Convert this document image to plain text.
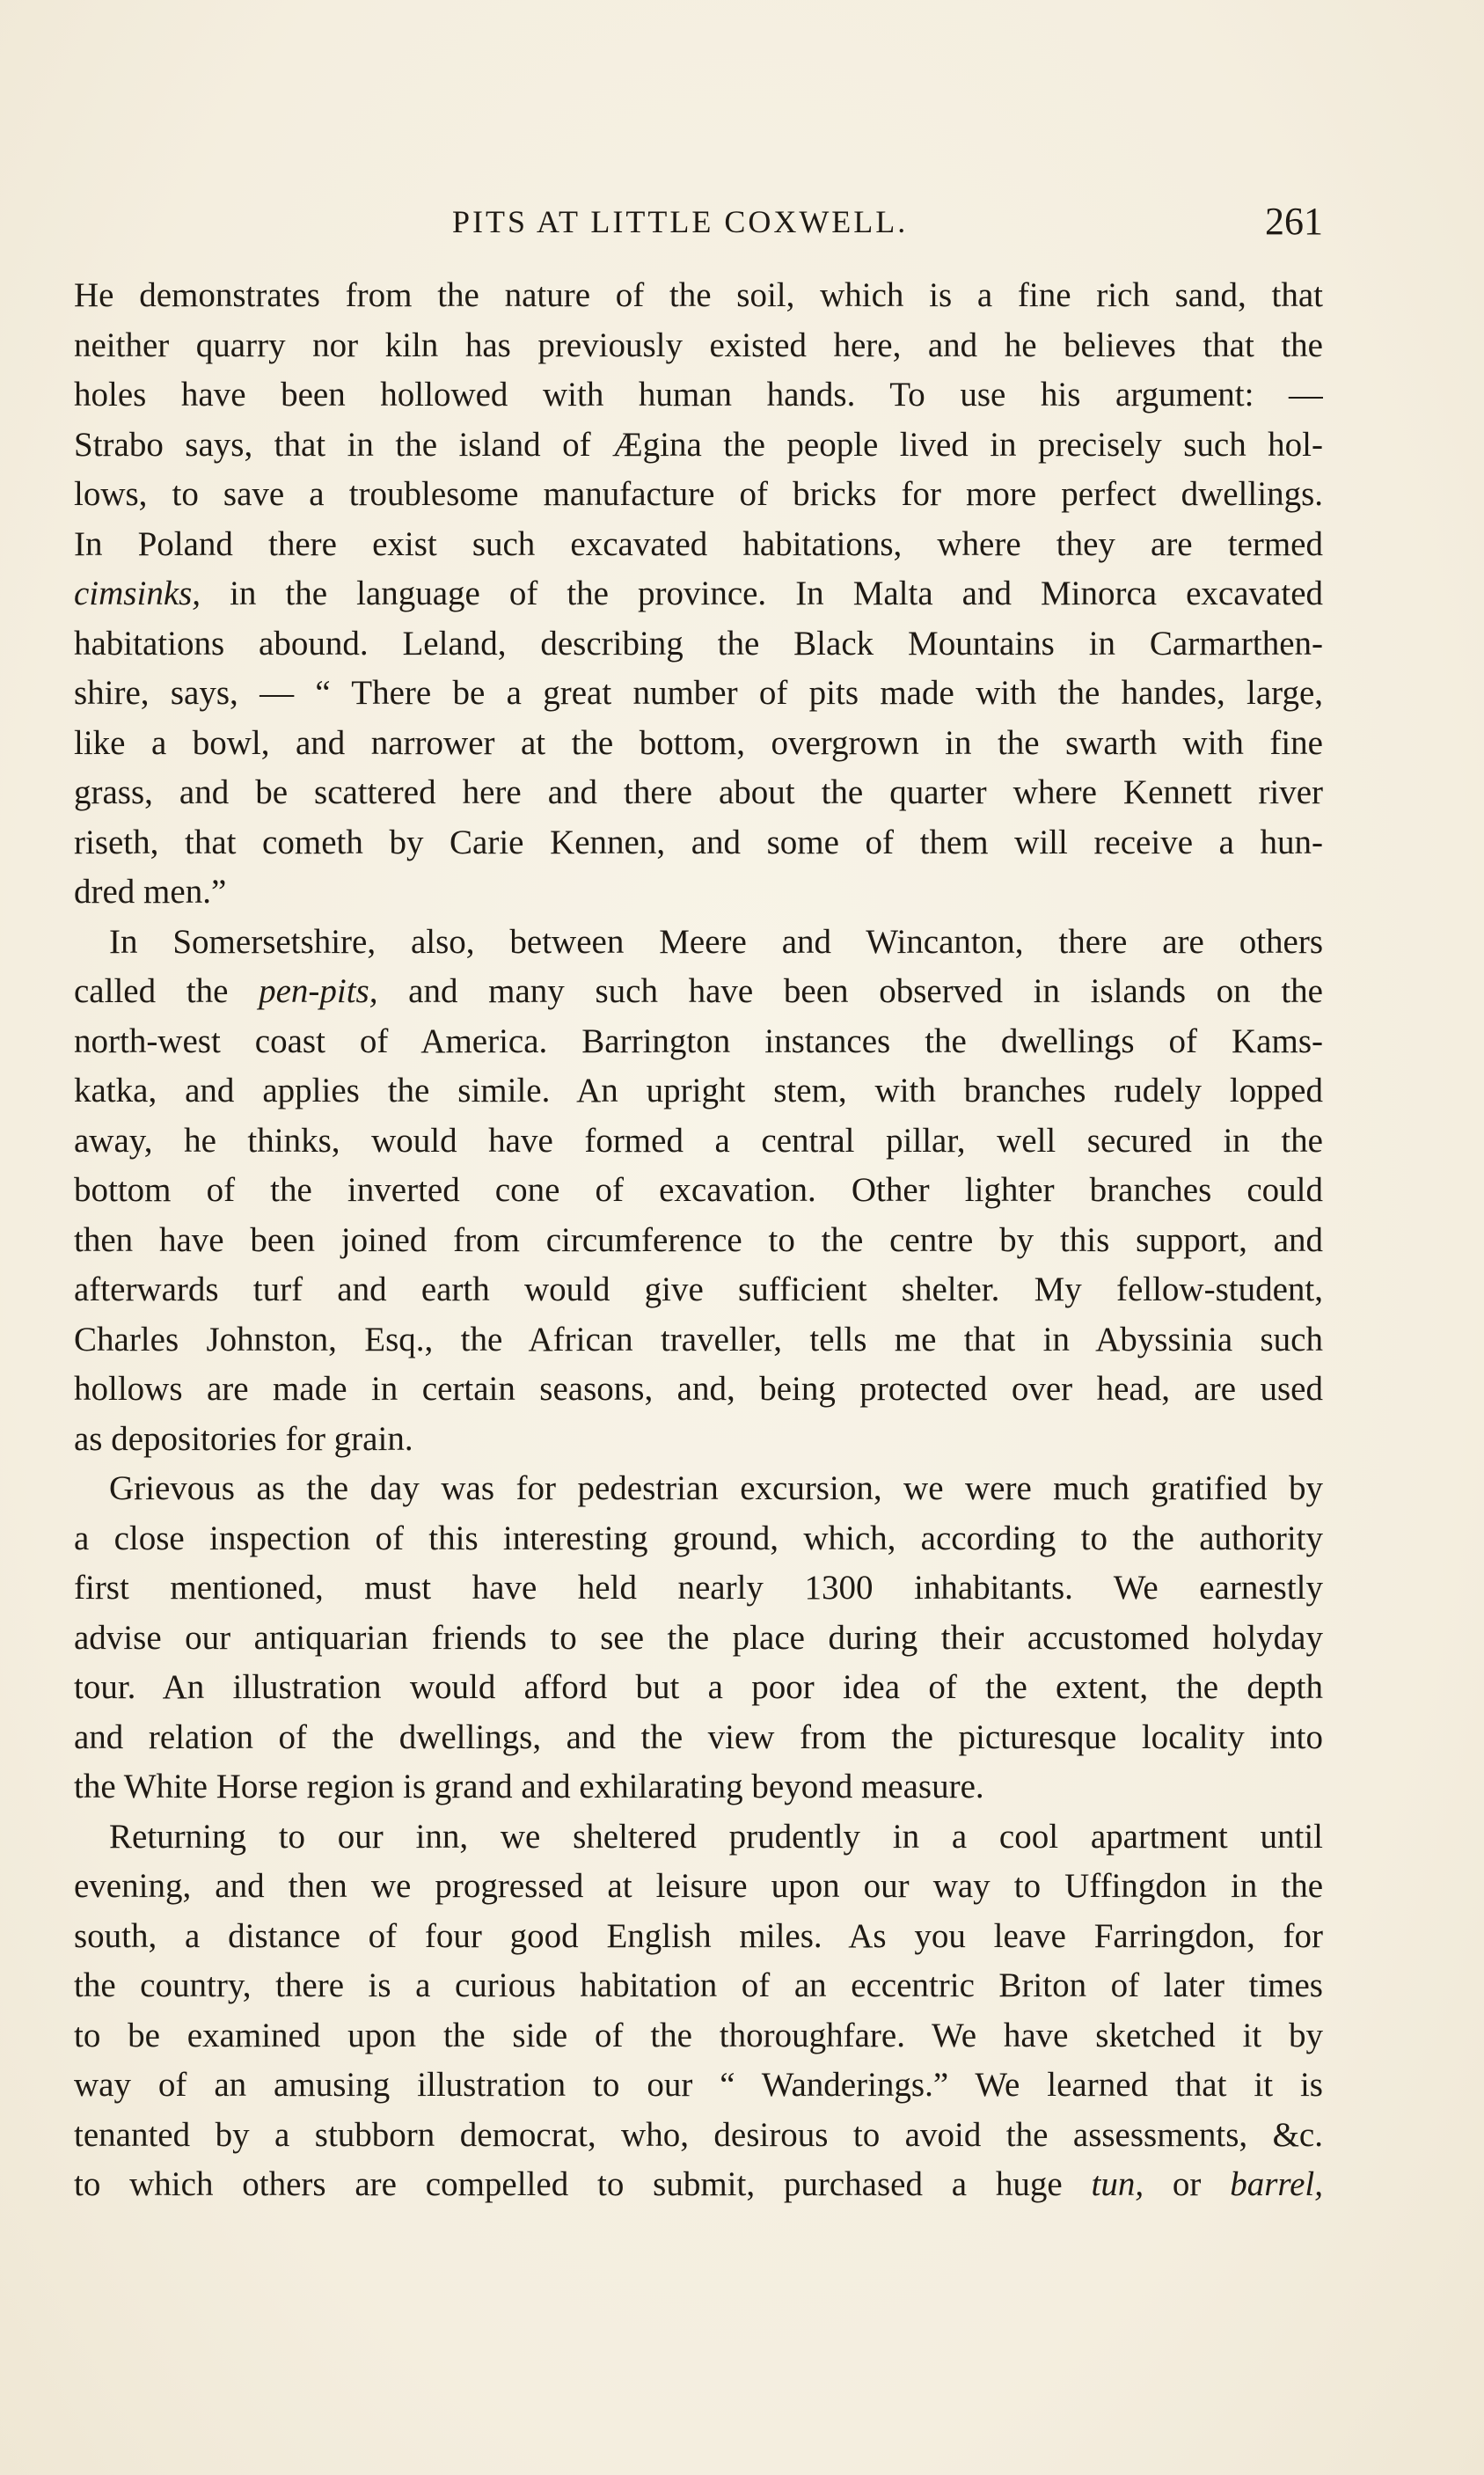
PITS AT LITTLE COXWELL.	261
He demonstrates from the nature of the soil, which is a fine rich sand, that
neither quarry nor kiln has previously existed here, and he believes that the
holes have been hollowed with human hands. To use his argument: —
Strabo says, that in the island of Ægina the people lived in precisely such hol-
lows, to save a troublesome manufacture of bricks for more perfect dwellings.
In Poland there exist such excavated habitations, where they are termed
cimsinks, in the language of the province. In Malta and Minorca excavated
habitations abound. Leland, describing the Black Mountains in Carmarthen-
shire, says, — “ There be a great number of pits made with the handes, large,
like a bowl, and narrower at the bottom, overgrown in the swarth with fine
grass, and be scattered here and there about the quarter where Kennett river
riseth, that cometh by Carie Kennen, and some of them will receive a hun-
dred men.”
In Somersetshire, also, between Meere and Wincanton, there are others
called the pen-pits, and many such have been observed in islands on the
north-west coast of America. Barrington instances the dwellings of Kams-
katka, and applies the simile. An upright stem, with branches rudely lopped
away, he thinks, would have formed a central pillar, well secured in the
bottom of the inverted cone of excavation. Other lighter branches could
then have been joined from circumference to the centre by this support, and
afterwards turf and earth would give sufficient shelter. My fellow-student,
Charles Johnston, Esq., the African traveller, tells me that in Abyssinia such
hollows are made in certain seasons, and, being protected over head, are used
as depositories for grain.
Grievous as the day was for pedestrian excursion, we were much gratified by
a close inspection of this interesting ground, which, according to the authority
first mentioned, must have held nearly 1300 inhabitants. We earnestly
advise our antiquarian friends to see the place during their accustomed holyday
tour. An illustration would afford but a poor idea of the extent, the depth
and relation of the dwellings, and the view from the picturesque locality into
the White Horse region is grand and exhilarating beyond measure.
Returning to our inn, we sheltered prudently in a cool apartment until
evening, and then we progressed at leisure upon our way to Uffingdon in the
south, a distance of four good English miles. As you leave Farringdon, for
the country, there is a curious habitation of an eccentric Briton of later times
to be examined upon the side of the thoroughfare. We have sketched it by
way of an amusing illustration to our “ Wanderings.” We learned that it is
tenanted by a stubborn democrat, who, desirous to avoid the assessments, &c.
to which others are compelled to submit, purchased a huge tun, or barrel,
